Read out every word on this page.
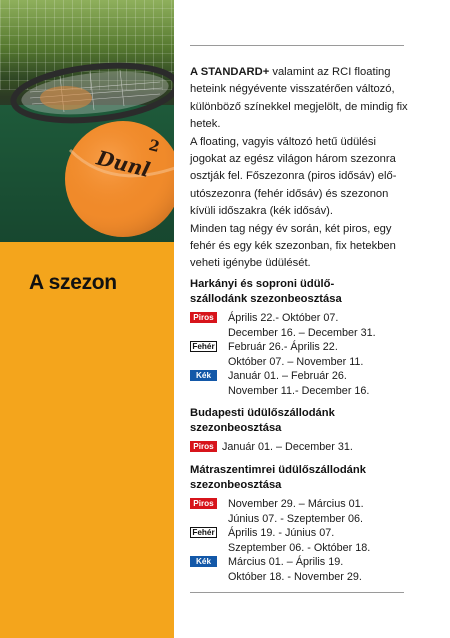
Dunl
2
A szezon

A STANDARD+ valamint az RCI floating heteink négyévente visszatérően változó, különböző színekkel megjelölt, de mindig fix hetek.

A floating, vagyis változó hetű üdülési jogokat az egész világon három szezonra osztják fel. Főszezonra (piros idősáv) elő-utószezonra (fehér idősáv) és szezonon kívüli időszakra (kék idősáv).

Minden tag négy év során, két piros, egy fehér és egy kék szezonban, fix hetekben veheti igénybe üdülését.

Harkányi és soproni üdülő-szállodánk szezonbeosztása
Piros	Április 22.- Október 07.
December 16. – December 31.
Fehér Február 26.- Április 22.
Október 07. – November 11.
Kék	Január 01. – Február 26.
November 11.- December 16.
Budapesti üdülőszállodánk szezonbeosztása
Piros Január 01. – December 31.
Mátraszentimrei üdülőszállodánk szezonbeosztása
Piros	November 29. – Március 01.
Június 07. - Szeptember 06.
Fehér Április 19. - Június 07.
Szeptember 06. - Október 18.
Kék	Március 01. – Április 19.
Október 18. - November 29.
